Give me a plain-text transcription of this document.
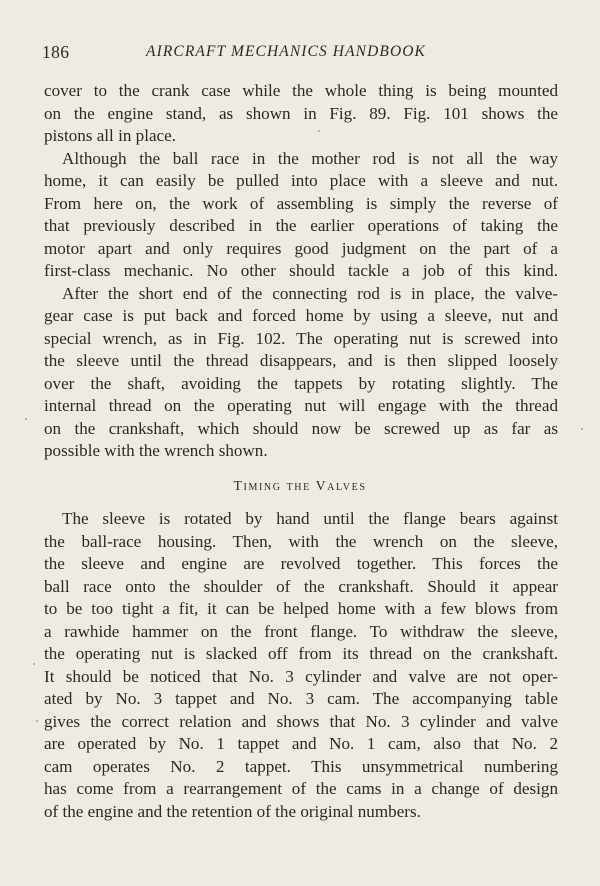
186	AIRCRAFT MECHANICS HANDBOOK
cover to the crank case while the whole thing is being mounted
on the engine stand, as shown in Fig. 89. Fig. 101 shows the
pistons all in place.
Although the ball race in the mother rod is not all the way
home, it can easily be pulled into place with a sleeve and nut.
From here on, the work of assembling is simply the reverse of
that previously described in the earlier operations of taking the
motor apart and only requires good judgment on the part of a
first-class mechanic. No other should tackle a job of this kind.
After the short end of the connecting rod is in place, the valve-
gear case is put back and forced home by using a sleeve, nut and
special wrench, as in Fig. 102. The operating nut is screwed into
the sleeve until the thread disappears, and is then slipped loosely
over the shaft, avoiding the tappets by rotating slightly. The
internal thread on the operating nut will engage with the thread
on the crankshaft, which should now be screwed up as far as
possible with the wrench shown.
Timing the Valves
The sleeve is rotated by hand until the flange bears against
the ball-race housing. Then, with the wrench on the sleeve,
the sleeve and engine are revolved together. This forces the
ball race onto the shoulder of the crankshaft. Should it appear
to be too tight a fit, it can be helped home with a few blows from
a rawhide hammer on the front flange. To withdraw the sleeve,
the operating nut is slacked off from its thread on the crankshaft.
It should be noticed that No. 3 cylinder and valve are not oper-
ated by No. 3 tappet and No. 3 cam. The accompanying table
gives the correct relation and shows that No. 3 cylinder and valve
are operated by No. 1 tappet and No. 1 cam, also that No. 2
cam operates No. 2 tappet. This unsymmetrical numbering
has come from a rearrangement of the cams in a change of design
of the engine and the retention of the original numbers.
